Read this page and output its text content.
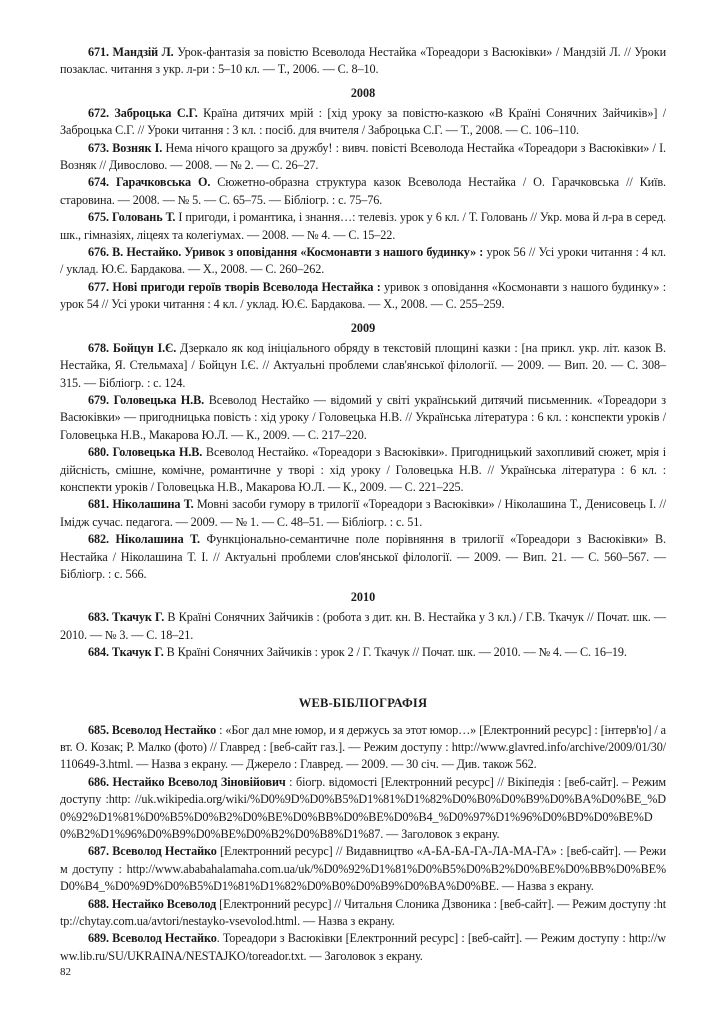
671. Мандзій Л. Урок-фантазія за повістю Всеволода Нестайка «Тореадори з Васюківки» / Мандзій Л. // Уроки позаклас. читання з укр. л-ри : 5–10 кл. — Т., 2006. — С. 8–10.

2008

672. Заброцька С.Г. Країна дитячих мрій : [хід уроку за повістю-казкою «В Країні Сонячних Зайчиків»] / Заброцька С.Г. // Уроки читання : 3 кл. : посіб. для вчителя / Заброцька С.Г. — Т., 2008. — С. 106–110.

673. Возняк І. Нема нічого кращого за дружбу! : вивч. повісті Всеволода Нестайка «Тореадори з Васюківки» / І. Возняк // Дивослово. — 2008. — № 2. — С. 26–27.

674. Гарачковська О. Сюжетно-образна структура казок Всеволода Нестайка / О. Гарачковська // Київ. старовина. — 2008. — № 5. — С. 65–75. — Бібліогр. : с. 75–76.

675. Головань Т. І пригоди, і романтика, і знання…: телевіз. урок у 6 кл. / Т. Головань // Укр. мова й л-ра в серед. шк., гімназіях, ліцеях та колегіумах. — 2008. — № 4. — С. 15–22.

676. В. Нестайко. Уривок з оповідання «Космонавти з нашого будинку» : урок 56 // Усі уроки читання : 4 кл. / уклад. Ю.Є. Бардакова. — Х., 2008. — С. 260–262.

677. Нові пригоди героїв творів Всеволода Нестайка : уривок з оповідання «Космонавти з нашого будинку» : урок 54 // Усі уроки читання : 4 кл. / уклад. Ю.Є. Бардакова. — Х., 2008. — С. 255–259.

2009

678. Бойцун І.Є. Дзеркало як код ініціального обряду в текстовій площині казки : [на прикл. укр. літ. казок В. Нестайка, Я. Стельмаха] / Бойцун І.Є. // Актуальні проблеми слав'янської філології. — 2009. — Вип. 20. — С. 308–315. — Бібліогр. : с. 124.

679. Головецька Н.В. Всеволод Нестайко — відомий у світі український дитячий письменник. «Тореадори з Васюківки» — пригодницька повість : хід уроку / Головецька Н.В. // Українська література : 6 кл. : конспекти уроків / Головецька Н.В., Макарова Ю.Л. — К., 2009. — С. 217–220.

680. Головецька Н.В. Всеволод Нестайко. «Тореадори з Васюківки». Пригодницький захопливий сюжет, мрія і дійсність, смішне, комічне, романтичне у творі : хід уроку / Головецька Н.В. // Українська література : 6 кл. : конспекти уроків / Головецька Н.В., Макарова Ю.Л. — К., 2009. — С. 221–225.

681. Ніколашина Т. Мовні засоби гумору в трилогії «Тореадори з Васюківки» / Ніколашина Т., Денисовець І. // Імідж сучас. педагога. — 2009. — № 1. — С. 48–51. — Бібліогр. : с. 51.

682. Ніколашина Т. Функціонально-семантичне поле порівняння в трилогії «Тореадори з Васюківки» В. Нестайка / Ніколашина Т. І. // Актуальні проблеми слов'янської філології. — 2009. — Вип. 21. — С. 560–567. — Бібліогр. : с. 566.

2010

683. Ткачук Г. В Країні Сонячних Зайчиків : (робота з дит. кн. В. Нестайка у 3 кл.) / Г.В. Ткачук // Почат. шк. — 2010. — № 3. — С. 18–21.

684. Ткачук Г. В Країні Сонячних Зайчиків : урок 2 / Г. Ткачук // Почат. шк. — 2010. — № 4. — С. 16–19.

WEB-БІБЛІОГРАФІЯ

685. Всеволод Нестайко : «Бог дал мне юмор, и я держусь за этот юмор…» [Електронний ресурс] : [інтерв'ю] / авт. О. Козак; Р. Малко (фото) // Главред : [веб-сайт газ.]. — Режим доступу : http://www.glavred.info/archive/2009/01/30/110649-3.html. — Назва з екрану. — Джерело : Главред. — 2009. — 30 січ. — Див. також 562.

686. Нестайко Всеволод Зіновійович : біогр. відомості [Електронний ресурс] // Вікіпедія : [веб-сайт]. – Режим доступу :http: //uk.wikipedia.org/wiki/%D0%9D%D0%B5%D1%81%D1%82%D0%B0%D0%B9%D0%BA%D0%BE_%D0%92%D1%81%D0%B5%D0%B2%D0%BE%D0%BB%D0%BE%D0%B4_%D0%97%D1%96%D0%BD%D0%BE%D0%B2%D1%96%D0%B9%D0%BE%D0%B2%D0%B8%D1%87. — Заголовок з екрану.

687. Всеволод Нестайко [Електронний ресурс] // Видавництво «А-БА-БА-ГА-ЛА-МА-ГА» : [веб-сайт]. — Режим доступу : http://www.ababahalamaha.com.ua/uk/%D0%92%D1%81%D0%B5%D0%B2%D0%BE%D0%BB%D0%BE%D0%B4_%D0%9D%D0%B5%D1%81%D1%82%D0%B0%D0%B9%D0%BA%D0%BE. — Назва з екрану.

688. Нестайко Всеволод [Електронний ресурс] // Читальня Слоника Дзвоника : [веб-сайт]. — Режим доступу :http://chytay.com.ua/avtori/nestayko-vsevolod.html. — Назва з екрану.

689. Всеволод Нестайко. Тореадори з Васюківки [Електронний ресурс] : [веб-сайт]. — Режим доступу : http://www.lib.ru/SU/UKRAINA/NESTAJKO/toreador.txt. — Заголовок з екрану.

82
